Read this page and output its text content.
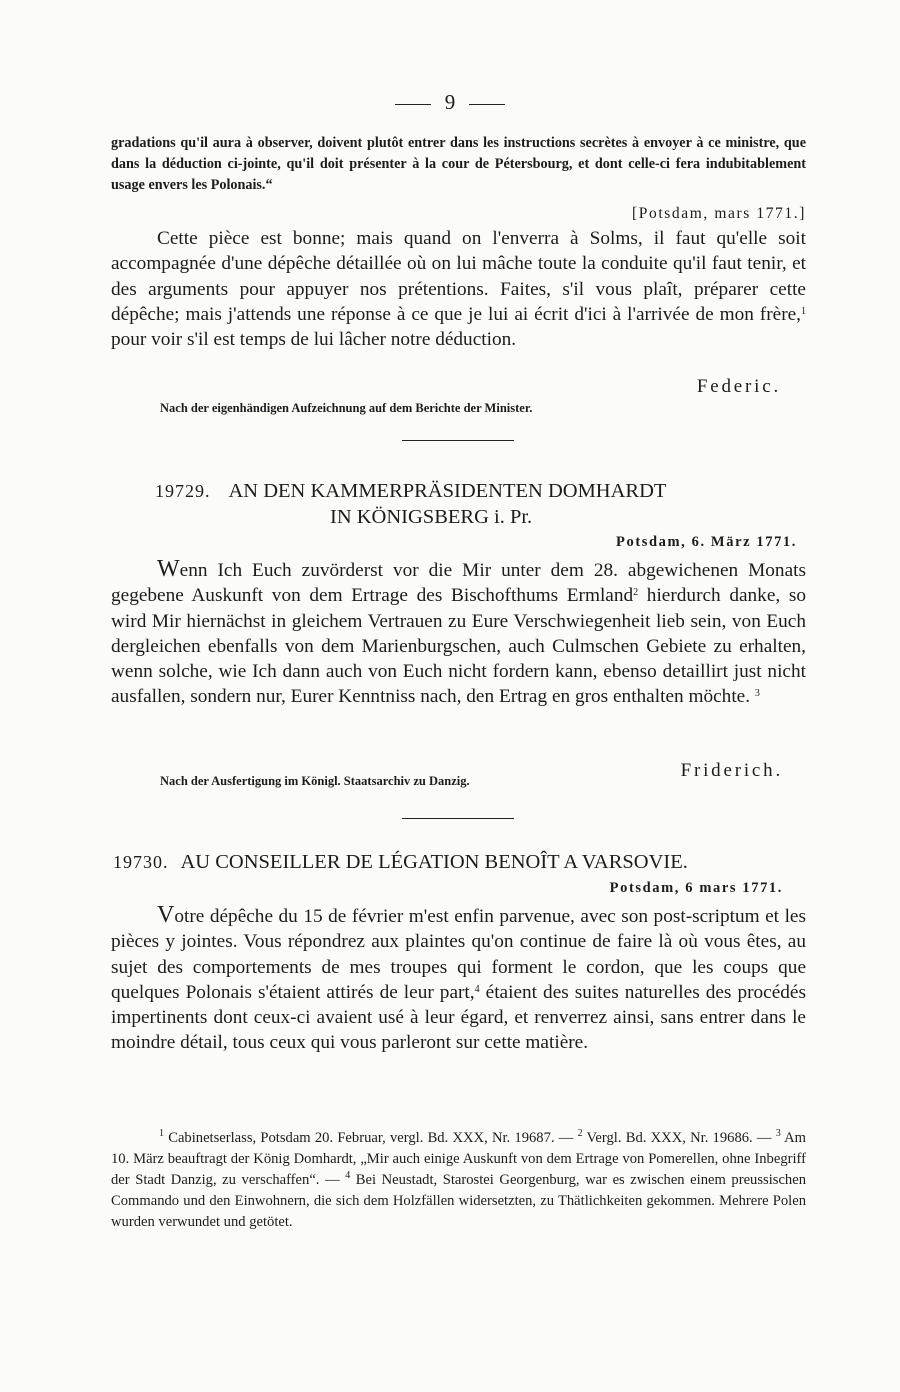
9
gradations qu'il aura à observer, doivent plutôt entrer dans les instructions secrètes à envoyer à ce ministre, que dans la déduction ci-jointe, qu'il doit présenter à la cour de Pétersbourg, et dont celle-ci fera indubitablement usage envers les Polonais.“
[Potsdam, mars 1771.]
Cette pièce est bonne; mais quand on l'enverra à Solms, il faut qu'elle soit accompagnée d'une dépêche détaillée où on lui mâche toute la conduite qu'il faut tenir, et des arguments pour appuyer nos prétentions. Faites, s'il vous plaît, préparer cette dépêche; mais j'attends une réponse à ce que je lui ai écrit d'ici à l'arrivée de mon frère,$^1$ pour voir s'il est temps de lui lâcher notre déduction.
Federic.
Nach der eigenhändigen Aufzeichnung auf dem Berichte der Minister.
19729. AN DEN KAMMERPRÄSIDENTEN DOMHARDT
IN KÖNIGSBERG i. Pr.
Potsdam, 6. März 1771.
Wenn Ich Euch zuvörderst vor die Mir unter dem 28. abgewichenen Monats gegebene Auskunft von dem Ertrage des Bischofthums Ermland$^2$ hierdurch danke, so wird Mir hiernächst in gleichem Vertrauen zu Eure Verschwiegenheit lieb sein, von Euch dergleichen ebenfalls von dem Marienburgschen, auch Culmschen Gebiete zu erhalten, wenn solche, wie Ich dann auch von Euch nicht fordern kann, ebenso detaillirt just nicht ausfallen, sondern nur, Eurer Kenntniss nach, den Ertrag en gros enthalten möchte. $^3$
Nach der Ausfertigung im Königl. Staatsarchiv zu Danzig.	Friderich.
19730. AU CONSEILLER DE LÉGATION BENOÎT A VARSOVIE.
Potsdam, 6 mars 1771.
Votre dépêche du 15 de février m'est enfin parvenue, avec son post-scriptum et les pièces y jointes. Vous répondrez aux plaintes qu'on continue de faire là où vous êtes, au sujet des comportements de mes troupes qui forment le cordon, que les coups que quelques Polonais s'étaient attirés de leur part,$^4$ étaient des suites naturelles des procédés impertinents dont ceux-ci avaient usé à leur égard, et renverrez ainsi, sans entrer dans le moindre détail, tous ceux qui vous parleront sur cette matière.
$^1$ Cabinetserlass, Potsdam 20. Februar, vergl. Bd. XXX, Nr. 19687. — $^2$ Vergl. Bd. XXX, Nr. 19686. — $^3$ Am 10. März beauftragt der König Domhardt, „Mir auch einige Auskunft von dem Ertrage von Pomerellen, ohne Inbegriff der Stadt Danzig, zu verschaffen“. — $^4$ Bei Neustadt, Starostei Georgenburg, war es zwischen einem preussischen Commando und den Einwohnern, die sich dem Holzfällen widersetzten, zu Thätlichkeiten gekommen. Mehrere Polen wurden verwundet und getötet.
